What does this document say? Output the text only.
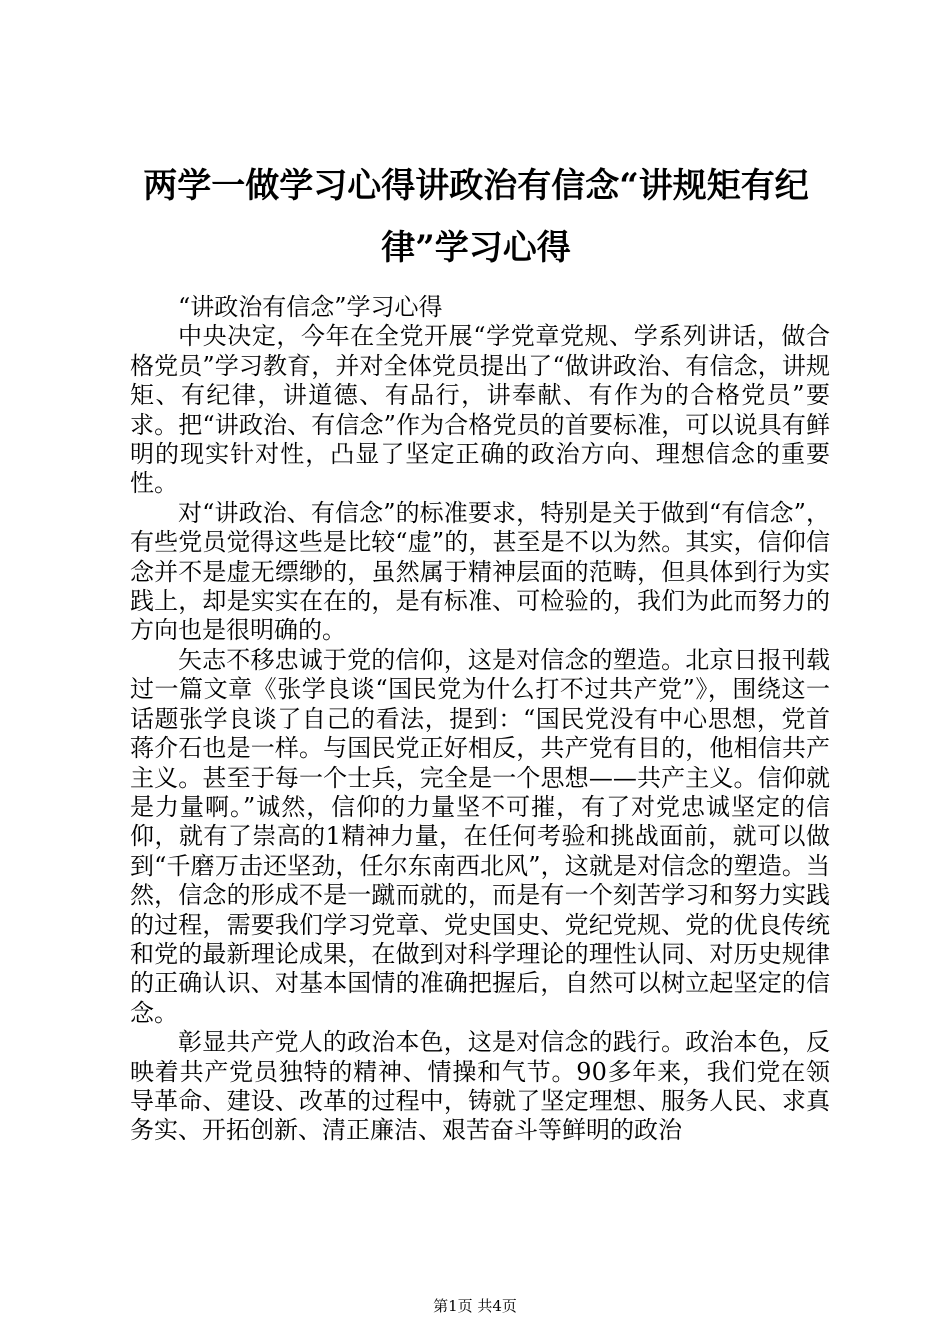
两学一做学习心得讲政治有信念“讲规矩有纪律”学习心得

“讲政治有信念”学习心得

中央决定，今年在全党开展“学党章党规、学系列讲话，做合格党员”学习教育，并对全体党员提出了“做讲政治、有信念，讲规矩、有纪律，讲道德、有品行，讲奉献、有作为的合格党员”要求。把“讲政治、有信念”作为合格党员的首要标准，可以说具有鲜明的现实针对性，凸显了坚定正确的政治方向、理想信念的重要性。

对“讲政治、有信念”的标准要求，特别是关于做到“有信念”，有些党员觉得这些是比较“虚”的，甚至是不以为然。其实，信仰信念并不是虚无缥缈的，虽然属于精神层面的范畴，但具体到行为实践上，却是实实在在的，是有标准、可检验的，我们为此而努力的方向也是很明确的。

矢志不移忠诚于党的信仰，这是对信念的塑造。北京日报刊载过一篇文章《张学良谈“国民党为什么打不过共产党”》，围绕这一话题张学良谈了自己的看法，提到：“国民党没有中心思想，党首蒋介石也是一样。与国民党正好相反，共产党有目的，他相信共产主义。甚至于每一个士兵，完全是一个思想——共产主义。信仰就是力量啊。”诚然，信仰的力量坚不可摧，有了对党忠诚坚定的信仰，就有了崇高的1精神力量，在任何考验和挑战面前，就可以做到“千磨万击还坚劲，任尔东南西北风”，这就是对信念的塑造。当然，信念的形成不是一蹴而就的，而是有一个刻苦学习和努力实践的过程，需要我们学习党章、党史国史、党纪党规、党的优良传统和党的最新理论成果，在做到对科学理论的理性认同、对历史规律的正确认识、对基本国情的准确把握后，自然可以树立起坚定的信念。

彰显共产党人的政治本色，这是对信念的践行。政治本色，反映着共产党员独特的精神、情操和气节。90多年来，我们党在领导革命、建设、改革的过程中，铸就了坚定理想、服务人民、求真务实、开拓创新、清正廉洁、艰苦奋斗等鲜明的政治

第1页 共4页
